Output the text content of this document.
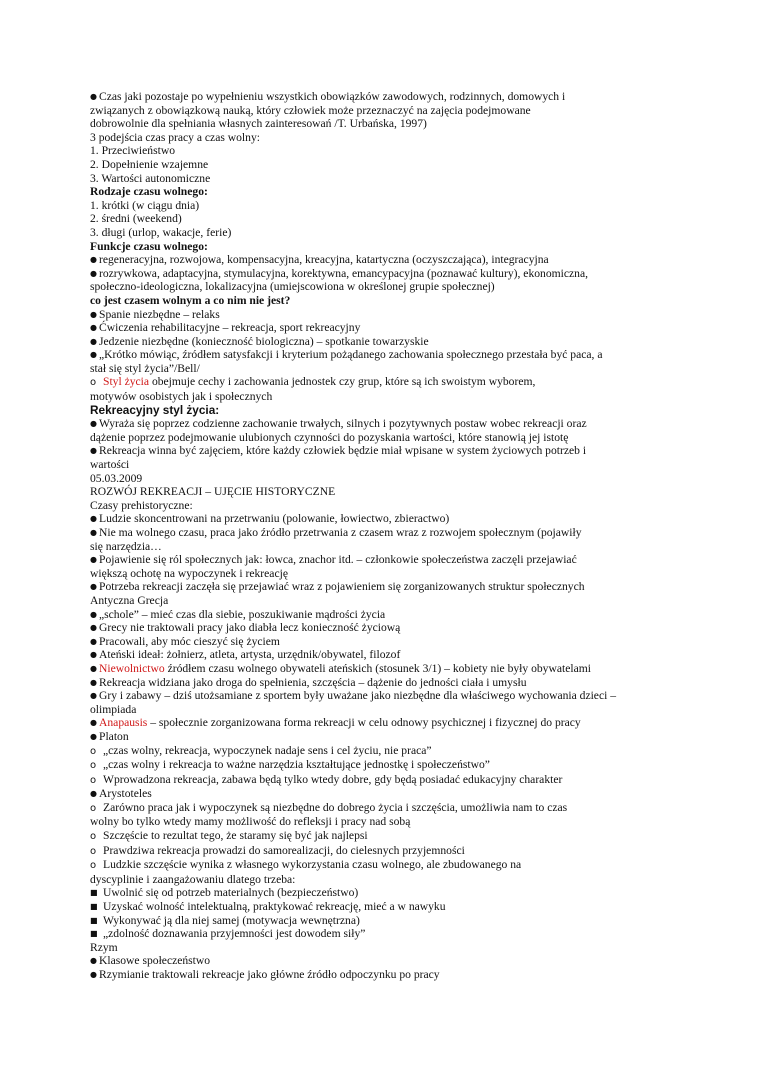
● Czas jaki pozostaje po wypełnieniu wszystkich obowiązków zawodowych, rodzinnych, domowych i związanych z obowiązkową nauką, który człowiek może przeznaczyć na zajęcia podejmowane dobrowolnie dla spełniania własnych zainteresowań /T. Urbańska, 1997)
3 podejścia czas pracy a czas wolny:
1. Przeciwieństwo
2. Dopełnienie wzajemne
3. Wartości autonomiczne
Rodzaje czasu wolnego:
1. krótki (w ciągu dnia)
2. średni (weekend)
3. długi (urlop, wakacje, ferie)
Funkcje czasu wolnego:
● regeneracyjna, rozwojowa, kompensacyjna, kreacyjna, katartyczna (oczyszczająca), integracyjna
● rozrywkowa, adaptacyjna, stymulacyjna, korektywna, emancypacyjna (poznawać kultury), ekonomiczna, społeczno-ideologiczna, lokalizacyjna (umiejscowiona w określonej grupie społecznej)
co jest czasem wolnym a co nim nie jest?
● Spanie niezbędne – relaks
● Ćwiczenia rehabilitacyjne – rekreacja, sport rekreacyjny
● Jedzenie niezbędne (konieczność biologiczna) – spotkanie towarzyskie
● „Krótko mówiąc, źródłem satysfakcji i kryterium pożądanego zachowania społecznego przestała być paca, a stał się styl życia”/Bell/
o Styl życia obejmuje cechy i zachowania jednostek czy grup, które są ich swoistym wyborem, motywów osobistych jak i społecznych
Rekreacyjny styl życia:
● Wyraża się poprzez codzienne zachowanie trwałych, silnych i pozytywnych postaw wobec rekreacji oraz dążenie poprzez podejmowanie ulubionych czynności do pozyskania wartości, które stanowią jej istotę
● Rekreacja winna być zajęciem, które każdy człowiek będzie miał wpisane w system życiowych potrzeb i wartości
05.03.2009
ROZWÓJ REKREACJI – UJĘCIE HISTORYCZNE
Czasy prehistoryczne:
● Ludzie skoncentrowani na przetrwaniu (polowanie, łowiectwo, zbieractwo)
● Nie ma wolnego czasu, praca jako źródło przetrwania z czasem wraz z rozwojem społecznym (pojawiły się narzędzia…
● Pojawienie się ról społecznych jak: łowca, znachor itd. – członkowie społeczeństwa zaczęli przejawiać większą ochotę na wypoczynek i rekreację
● Potrzeba rekreacji zaczęła się przejawiać wraz z pojawieniem się zorganizowanych struktur społecznych
Antyczna Grecja
● „schole” – mieć czas dla siebie, poszukiwanie mądrości życia
● Grecy nie traktowali pracy jako diabła lecz konieczność życiową
● Pracowali, aby móc cieszyć się życiem
● Ateński ideał: żołnierz, atleta, artysta, urzędnik/obywatel, filozof
● Niewolnictwo źródłem czasu wolnego obywateli ateńskich (stosunek 3/1) – kobiety nie były obywatelami
● Rekreacja widziana jako droga do spełnienia, szczęścia – dążenie do jedności ciała i umysłu
● Gry i zabawy – dziś utożsamiane z sportem były uważane jako niezbędne dla właściwego wychowania dzieci – olimpiada
● Anapausis – społecznie zorganizowana forma rekreacji w celu odnowy psychicznej i fizycznej do pracy
● Platon
o „czas wolny, rekreacja, wypoczynek nadaje sens i cel życiu, nie praca”
o „czas wolny i rekreacja to ważne narzędzia kształtujące jednostkę i społeczeństwo”
o Wprowadzona rekreacja, zabawa będą tylko wtedy dobre, gdy będą posiadać edukacyjny charakter
● Arystoteles
o Zarówno praca jak i wypoczynek są niezbędne do dobrego życia i szczęścia, umożliwia nam to czas wolny bo tylko wtedy mamy możliwość do refleksji i pracy nad sobą
o Szczęście to rezultat tego, że staramy się być jak najlepsi
o Prawdziwa rekreacja prowadzi do samorealizacji, do cielesnych przyjemności
o Ludzkie szczęście wynika z własnego wykorzystania czasu wolnego, ale zbudowanego na dyscyplinie i zaangażowaniu dlatego trzeba:
■ Uwolnić się od potrzeb materialnych (bezpieczeństwo)
■ Uzyskać wolność intelektualną, praktykować rekreację, mieć a w nawyku
■ Wykonywać ją dla niej samej (motywacja wewnętrzna)
■ „zdolność doznawania przyjemności jest dowodem siły”
Rzym
● Klasowe społeczeństwo
● Rzymianie traktowali rekreacje jako główne źródło odpoczynku po pracy
